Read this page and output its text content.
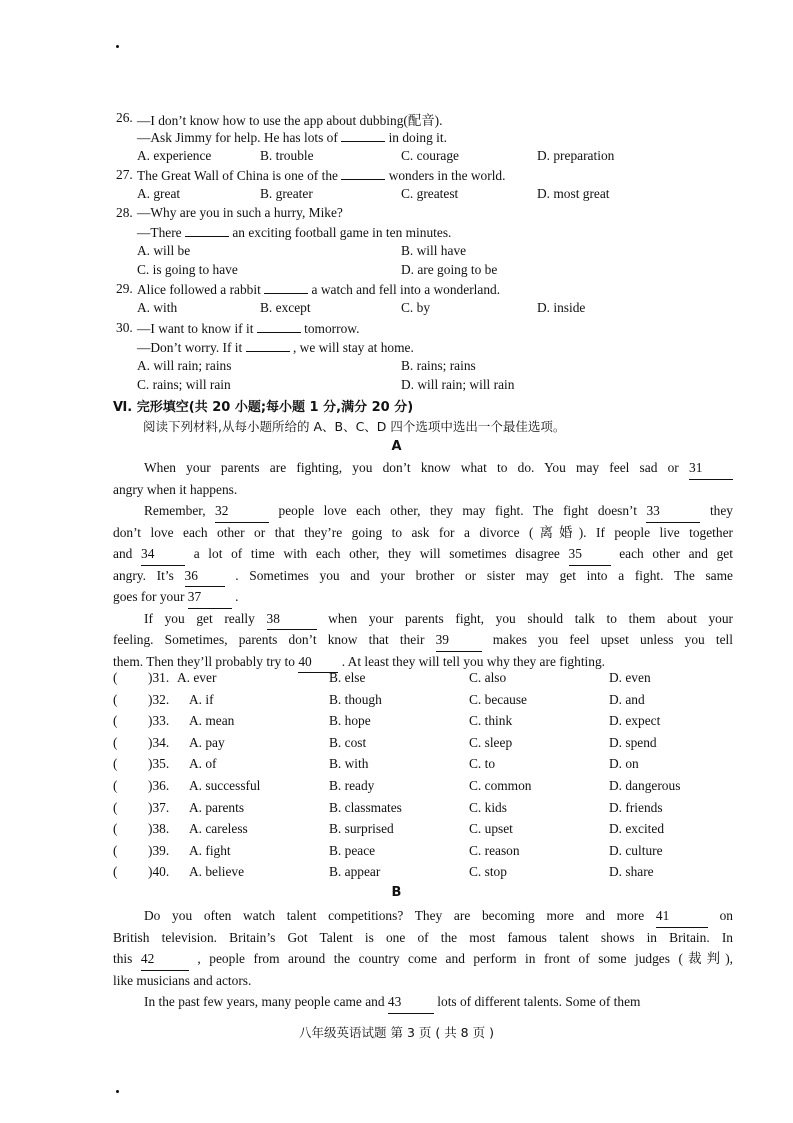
26. —I don’t know how to use the app about dubbing(配音).
—Ask Jimmy for help. He has lots of	in doing it.
A. experience	B. trouble	C. courage	D. preparation
27. The Great Wall of China is one of the	wonders in the world.
A. great	B. greater	C. greatest	D. most great
28. —Why are you in such a hurry, Mike?
—There	an exciting football game in ten minutes.
A. will be	B. will have
C. is going to have	D. are going to be
29. Alice followed a rabbit	a watch and fell into a wonderland.
A. with	B. except	C. by	D. inside
30. —I want to know if it	tomorrow.
—Don’t worry. If it	, we will stay at home.
A. will rain; rains	B. rains; rains
C. rains; will rain	D. will rain; will rain
Ⅵ. 完形填空(共 20 小题;每小题 1 分,满分 20 分)
阅读下列材料,从每小题所给的 A、B、C、D 四个选项中选出一个最佳选项。
A
When your parents are fighting, you don’t know what to do. You may feel sad or 31
angry when it happens.
Remember, 32	people love each other, they may fight. The fight doesn’t 33	they
don’t love each other or that they’re going to ask for a divorce (离婚). If people live together
and 34	a lot of time with each other, they will sometimes disagree 35	each other and get
angry. It’s 36	. Sometimes you and your brother or sister may get into a fight. The same
goes for your 37	.
If you get really 38	when your parents fight, you should talk to them about your
feeling. Sometimes, parents don’t know that their 39	makes you feel upset unless you tell
them. Then they’ll probably try to 40 . At least they will tell you why they are fighting.
( )31. A. ever	B. else	C. also	D. even
( )32. A. if	B. though	C. because	D. and
( )33. A. mean	B. hope	C. think	D. expect
( )34. A. pay	B. cost	C. sleep	D. spend
( )35. A. of	B. with	C. to	D. on
( )36. A. successful	B. ready	C. common	D. dangerous
( )37. A. parents	B. classmates	C. kids	D. friends
( )38. A. careless	B. surprised	C. upset	D. excited
( )39. A. fight	B. peace	C. reason	D. culture
( )40. A. believe	B. appear	C. stop	D. share
B
Do you often watch talent competitions? They are becoming more and more 41	on
British television. Britain’s Got Talent is one of the most famous talent shows in Britain. In
this 42	, people from around the country come and perform in front of some judges (裁判),
like musicians and actors.
In the past few years, many people came and 43	lots of different talents. Some of them
八年级英语试题 第 3 页 ( 共 8 页 )
